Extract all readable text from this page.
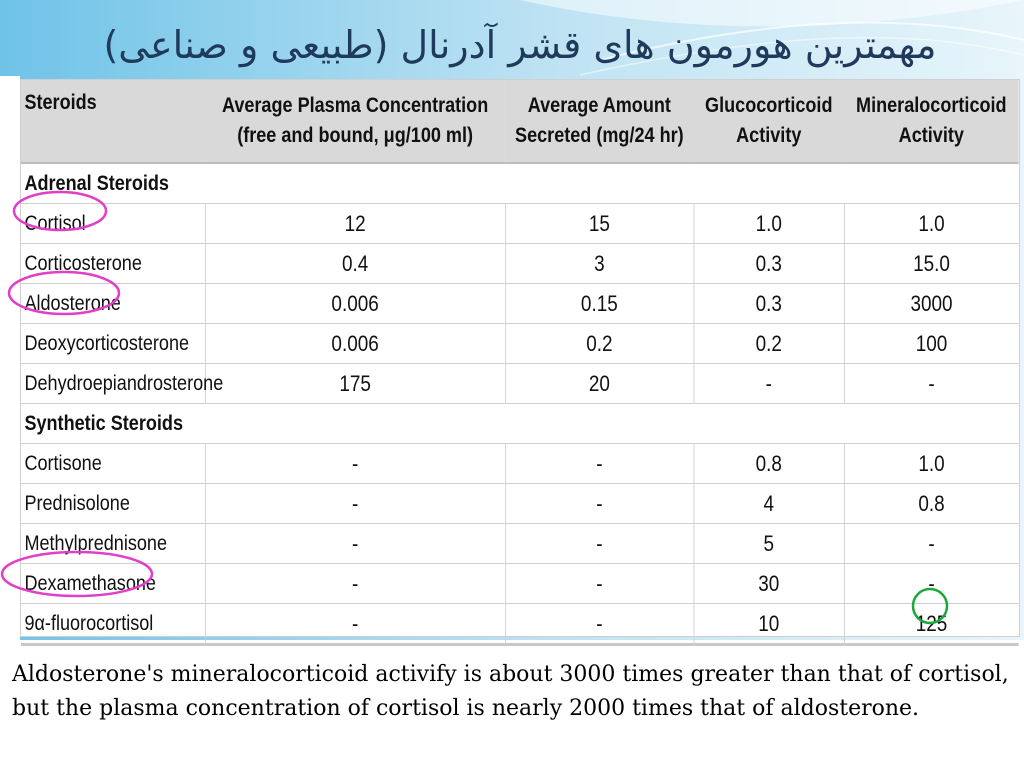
مهمترین هورمون های قشر آدرنال (طبیعی و صناعی)
Steroids	Average Plasma Concentration (free and bound, μg/100 ml)	Average Amount Secreted (mg/24 hr)	Glucocorticoid Activity	Mineralocorticoid Activity
Adrenal Steroids				
Cortisol	12	15	1.0	1.0
Corticosterone	0.4	3	0.3	15.0
Aldosterone	0.006	0.15	0.3	3000
Deoxycorticosterone	0.006	0.2	0.2	100
Dehydroepiandrosterone	175	20	-	-
Synthetic Steroids				
Cortisone	-	-	0.8	1.0
Prednisolone	-	-	4	0.8
Methylprednisone	-	-	5	-
Dexamethasone	-	-	30	-
9α-fluorocortisol	-	-	10	125
Aldosterone's mineralocorticoid activify is about 3000 times greater than that of cortisol, but the plasma concentration of cortisol is nearly 2000 times that of aldosterone.
